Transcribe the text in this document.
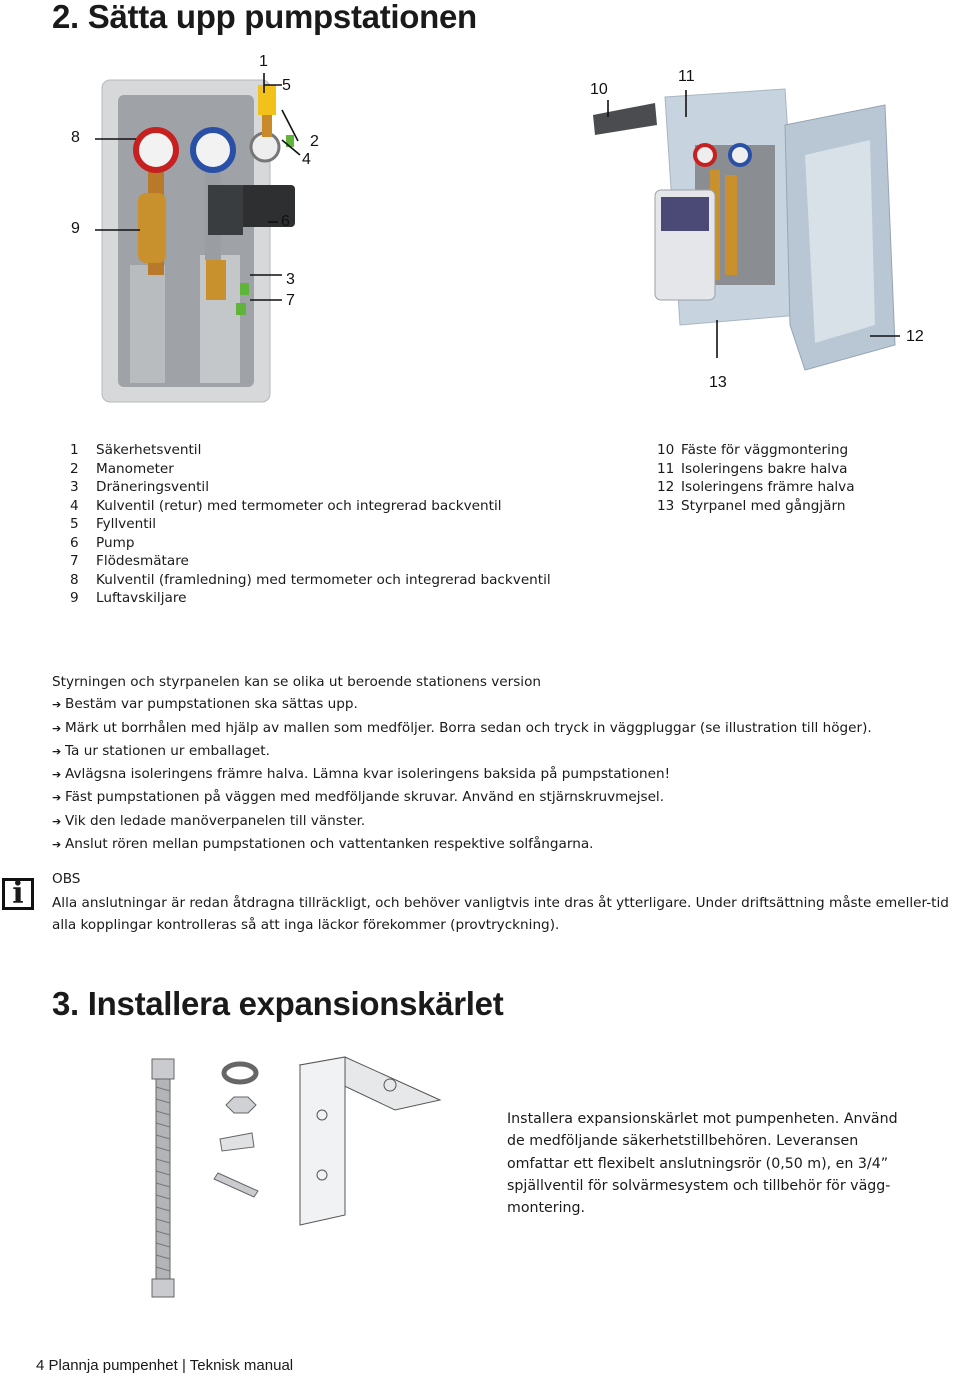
2. Sätta upp pumpstationen
1
5
2
4
8
9	6
3
7
10
11
12
13
1 Säkerhetsventil
2 Manometer
3 Dräneringsventil
4 Kulventil (retur) med termometer och integrerad backventil
5 Fyllventil
6 Pump
7 Flödesmätare
8 Kulventil (framledning) med termometer och integrerad backventil
9 Luftavskiljare
10 Fäste för väggmontering
11 Isoleringens bakre halva
12 Isoleringens främre halva
13 Styrpanel med gångjärn
Styrningen och styrpanelen kan se olika ut beroende stationens version
➔ Bestäm var pumpstationen ska sättas upp.
➔ Märk ut borrhålen med hjälp av mallen som medföljer. Borra sedan och tryck in väggpluggar (se illustration till höger).
➔ Ta ur stationen ur emballaget.
➔ Avlägsna isoleringens främre halva. Lämna kvar isoleringens baksida på pumpstationen!
➔ Fäst pumpstationen på väggen med medföljande skruvar. Använd en stjärnskruvmejsel.
➔ Vik den ledade manöverpanelen till vänster.
➔ Anslut rören mellan pumpstationen och vattentanken respektive solfångarna.
i	OBS
Alla anslutningar är redan åtdragna tillräckligt, och behöver vanligtvis inte dras åt ytterligare. Under driftsättning måste emeller-tid alla kopplingar kontrolleras så att inga läckor förekommer (provtryckning).
3. Installera expansionskärlet
Installera expansionskärlet mot pumpenheten. Använd de medföljande säkerhetstillbehören. Leveransen omfattar ett flexibelt anslutningsrör (0,50 m), en 3/4” spjällventil för solvärmesystem och tillbehör för vägg-montering.
4 Plannja pumpenhet | Teknisk manual
